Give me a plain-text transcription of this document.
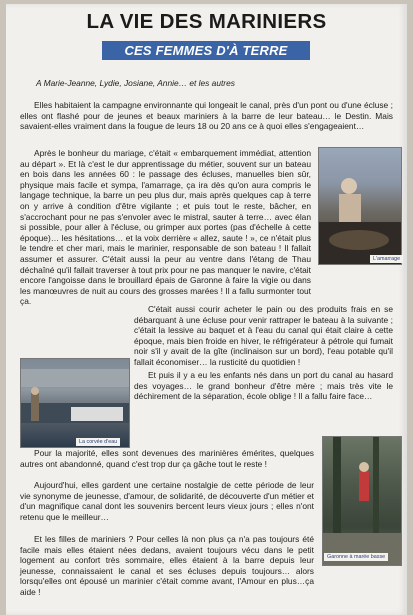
LA VIE DES MARINIERS
CES FEMMES D'À TERRE
A Marie-Jeanne, Lydie, Josiane, Annie… et les autres

Elles habitaient la campagne environnante qui longeait le canal, près d'un pont ou d'une écluse ; elles ont flashé pour de jeunes et beaux mariniers à la barre de leur bateau… le Destin. Mais savaient-elles vraiment dans la fougue de leurs 18 ou 20 ans ce à quoi elles s'engageaient…

Après le bonheur du mariage, c'était « embarquement immédiat, attention au départ ». Et là c'est le dur apprentissage du métier, souvent sur un bateau en bois dans les années 60 : le passage des écluses, manuelles bien sûr, physique mais facile et sympa, l'amarrage, ça ira dès qu'on aura compris le langage technique, la barre un peu plus dur, mais après quelques cap à terre on y arrive à condition d'être vigilante ; et puis tout le reste, bâcher, en s'accrochant pour ne pas s'envoler avec le mistral, sauter à terre… avec élan si possible, pour aller à l'écluse, ou grimper aux portes (pas d'échelle à cette époque)… les hésitations… et la voix derrière « allez, saute ! », ce n'était plus le tendre et cher mari, mais le marinier, responsable de son bateau ! Il fallait assumer et assurer. C'était aussi la peur au ventre dans l'étang de Thau déchaîné qu'il fallait traverser à tout prix pour ne pas manquer le navire, c'était encore l'angoisse dans le brouillard épais de Garonne à faire la vigie ou dans les manœuvres de nuit au cours des grosses marées ! Il a fallu surmonter tout ça.

C'était aussi courir acheter le pain ou des produits frais en se débarquant à une écluse pour venir rattraper le bateau à la suivante ; c'était la lessive au baquet et à l'eau du canal qui était claire à cette époque, mais bien froide en hiver, le réfrigérateur à pétrole qui fumait noir s'il y avait de la gîte (inclinaison sur un bord), l'eau potable qu'il fallait économiser… la rusticité du quotidien !

Et puis il y a eu les enfants nés dans un port du canal au hasard des voyages… le grand bonheur d'être mère ; mais très vite le déchirement de la séparation, école oblige ! Il a fallu faire face…

Pour la majorité, elles sont devenues des marinières émérites, quelques autres ont abandonné, quand c'est trop dur ça gâche tout le reste !

Aujourd'hui, elles gardent une certaine nostalgie de cette période de leur vie synonyme de jeunesse, d'amour, de solidarité, de découverte d'un métier et d'un magnifique canal dont les souvenirs bercent leurs vieux jours ; elles n'ont retenu que le meilleur…

Et les filles de mariniers ? Pour celles là non plus ça n'a pas toujours été facile mais elles étaient nées dedans, avaient toujours vécu dans le petit logement au confort très sommaire, elles étaient à la barre depuis leur jeunesse, connaissaient le canal et ses écluses depuis toujours… alors lorsqu'elles ont épousé un marinier c'était comme avant, l'Amour en plus…ça aide !

L'amarrage
La corvée d'eau
Garonne à marée basse
